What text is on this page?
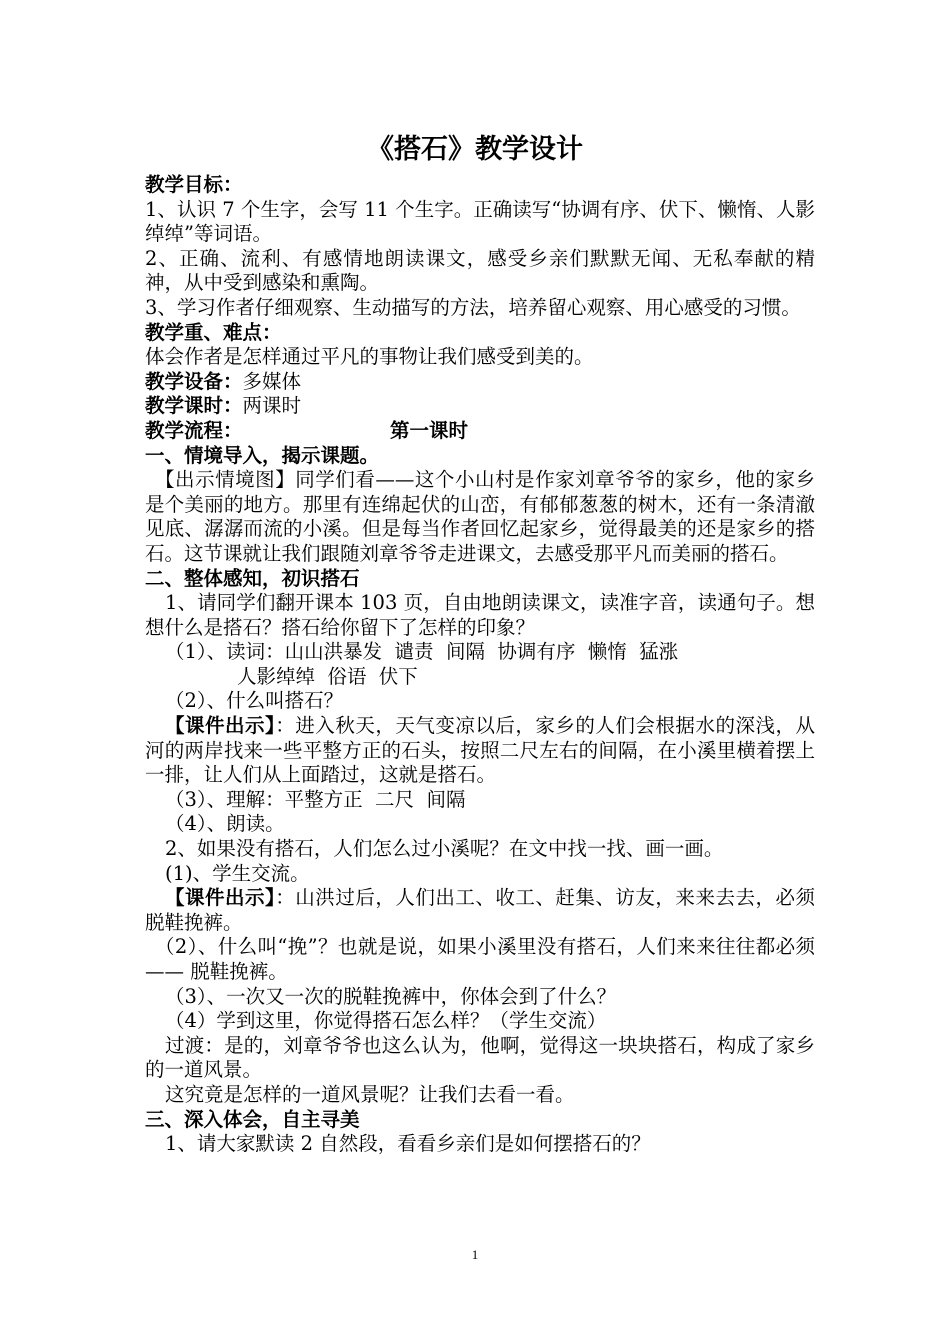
《搭石》教学设计
教学目标：
1、认识 7 个生字，会写 11 个生字。正确读写“协调有序、伏下、懒惰、人影绰绰”等词语。
2、正确、流利、有感情地朗读课文，感受乡亲们默默无闻、无私奉献的精神，从中受到感染和熏陶。
3、学习作者仔细观察、生动描写的方法，培养留心观察、用心感受的习惯。
教学重、难点：
体会作者是怎样通过平凡的事物让我们感受到美的。
教学设备：多媒体
教学课时：两课时
教学流程：	第一课时
一、情境导入，揭示课题。
【出示情境图】同学们看——这个小山村是作家刘章爷爷的家乡，他的家乡是个美丽的地方。那里有连绵起伏的山峦，有郁郁葱葱的树木，还有一条清澈见底、潺潺而流的小溪。但是每当作者回忆起家乡，觉得最美的还是家乡的搭石。这节课就让我们跟随刘章爷爷走进课文，去感受那平凡而美丽的搭石。
二、整体感知，初识搭石
1、请同学们翻开课本 103 页，自由地朗读课文，读准字音，读通句子。想想什么是搭石？搭石给你留下了怎样的印象？
（1）、读词：山山洪暴发  谴责  间隔  协调有序  懒惰  猛涨
人影绰绰  俗语  伏下
（2）、什么叫搭石？
【课件出示】：进入秋天，天气变凉以后，家乡的人们会根据水的深浅，从河的两岸找来一些平整方正的石头，按照二尺左右的间隔，在小溪里横着摆上一排，让人们从上面踏过，这就是搭石。
（3）、理解：平整方正  二尺  间隔
（4）、朗读。
2、如果没有搭石，人们怎么过小溪呢？在文中找一找、画一画。
(1)、学生交流。
【课件出示】：山洪过后，人们出工、收工、赶集、访友，来来去去，必须脱鞋挽裤。
（2）、什么叫“挽”？也就是说，如果小溪里没有搭石，人们来来往往都必须—— 脱鞋挽裤。
（3）、一次又一次的脱鞋挽裤中，你体会到了什么？
（4）学到这里，你觉得搭石怎么样？（学生交流）
过渡：是的，刘章爷爷也这么认为，他啊，觉得这一块块搭石，构成了家乡的一道风景。
这究竟是怎样的一道风景呢？让我们去看一看。
三、深入体会，自主寻美
1、请大家默读 2 自然段，看看乡亲们是如何摆搭石的？
1
